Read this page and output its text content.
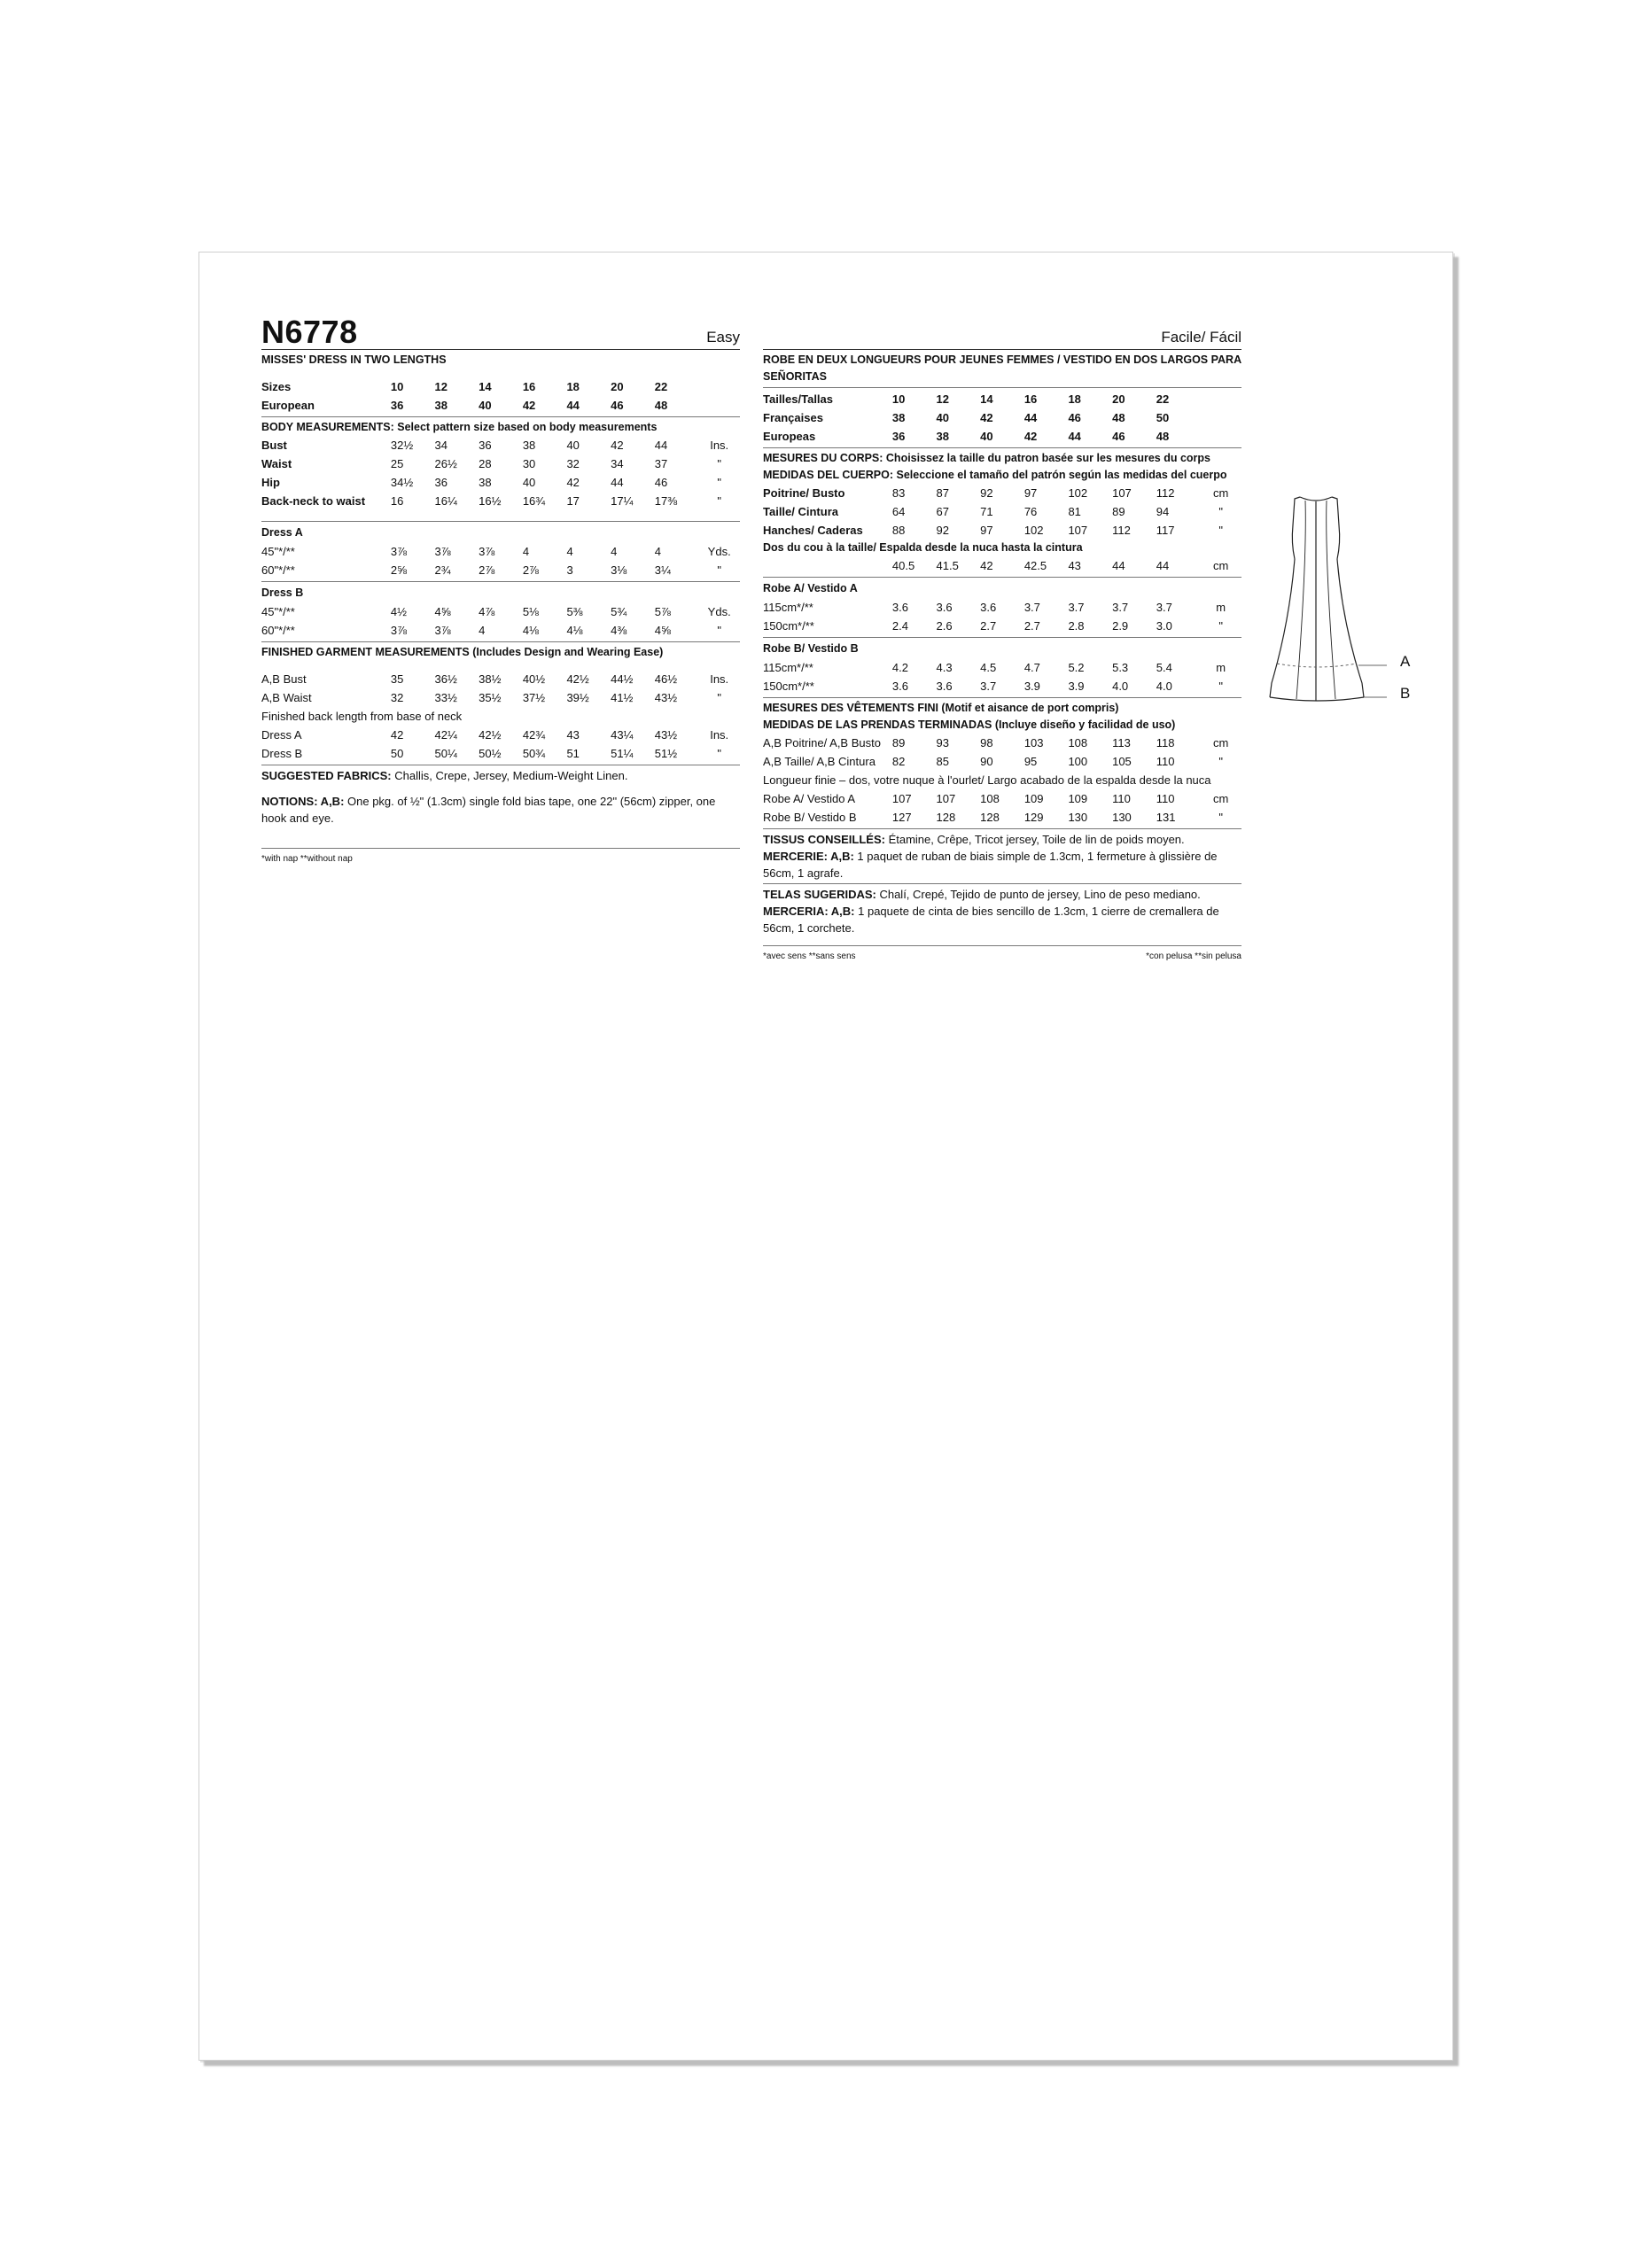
N6778	Easy
MISSES' DRESS IN TWO LENGTHS
Sizes	10	12	14	16	18	20	22	
European	36	38	40	42	44	46	48	
BODY MEASUREMENTS: Select pattern size based on body measurements
Bust	32½	34	36	38	40	42	44	Ins.
Waist	25	26½	28	30	32	34	37	"
Hip	34½	36	38	40	42	44	46	"
Back-neck to waist	16	16¼	16½	16¾	17	17¼	17⅜	"
Dress A
45"*/**	3⅞	3⅞	3⅞	4	4	4	4	Yds.
60"*/**	2⅝	2¾	2⅞	2⅞	3	3⅛	3¼	"
Dress B
45"*/**	4½	4⅝	4⅞	5⅛	5⅜	5¾	5⅞	Yds.
60"*/**	3⅞	3⅞	4	4⅛	4⅛	4⅜	4⅝	"
FINISHED GARMENT MEASUREMENTS (Includes Design and Wearing Ease)
A,B Bust	35	36½	38½	40½	42½	44½	46½	Ins.
A,B Waist	32	33½	35½	37½	39½	41½	43½	"
Finished back length from base of neck
Dress A	42	42¼	42½	42¾	43	43¼	43½	Ins.
Dress B	50	50¼	50½	50¾	51	51¼	51½	"
SUGGESTED FABRICS: Challis, Crepe, Jersey, Medium-Weight Linen.
NOTIONS: A,B: One pkg. of ½" (1.3cm) single fold bias tape, one 22" (56cm) zipper, one hook and eye.
*with nap **without nap
Facile/ Fácil
ROBE EN DEUX LONGUEURS POUR JEUNES FEMMES / VESTIDO EN DOS LARGOS PARA SEÑORITAS
Tailles/Tallas	10	12	14	16	18	20	22	
Françaises	38	40	42	44	46	48	50	
Europeas	36	38	40	42	44	46	48	
MESURES DU CORPS: Choisissez la taille du patron basée sur les mesures du corps
MEDIDAS DEL CUERPO: Seleccione el tamaño del patrón según las medidas del cuerpo
Poitrine/ Busto	83	87	92	97	102	107	112	cm
Taille/ Cintura	64	67	71	76	81	89	94	"
Hanches/ Caderas	88	92	97	102	107	112	117	"
Dos du cou à la taille/ Espalda desde la nuca hasta la cintura
	40.5	41.5	42	42.5	43	44	44	cm
Robe A/ Vestido A
115cm*/**	3.6	3.6	3.6	3.7	3.7	3.7	3.7	m
150cm*/**	2.4	2.6	2.7	2.7	2.8	2.9	3.0	"
Robe B/ Vestido B
115cm*/**	4.2	4.3	4.5	4.7	5.2	5.3	5.4	m
150cm*/**	3.6	3.6	3.7	3.9	3.9	4.0	4.0	"
MESURES DES VÊTEMENTS FINI (Motif et aisance de port compris)
MEDIDAS DE LAS PRENDAS TERMINADAS (Incluye diseño y facilidad de uso)
A,B Poitrine/ A,B Busto	89	93	98	103	108	113	118	cm
A,B Taille/ A,B Cintura	82	85	90	95	100	105	110	"
Longueur finie – dos, votre nuque à l'ourlet/ Largo acabado de la espalda desde la nuca
Robe A/ Vestido A	107	107	108	109	109	110	110	cm
Robe B/ Vestido B	127	128	128	129	130	130	131	"
TISSUS CONSEILLÉS: Étamine, Crêpe, Tricot jersey, Toile de lin de poids moyen. MERCERIE: A,B: 1 paquet de ruban de biais simple de 1.3cm, 1 fermeture à glissière de 56cm, 1 agrafe.
TELAS SUGERIDAS: Chalí, Crepé, Tejido de punto de jersey, Lino de peso mediano. MERCERIA: A,B: 1 paquete de cinta de bies sencillo de 1.3cm, 1 cierre de cremallera de 56cm, 1 corchete.
*avec sens **sans sens	*con pelusa **sin pelusa
A
B
